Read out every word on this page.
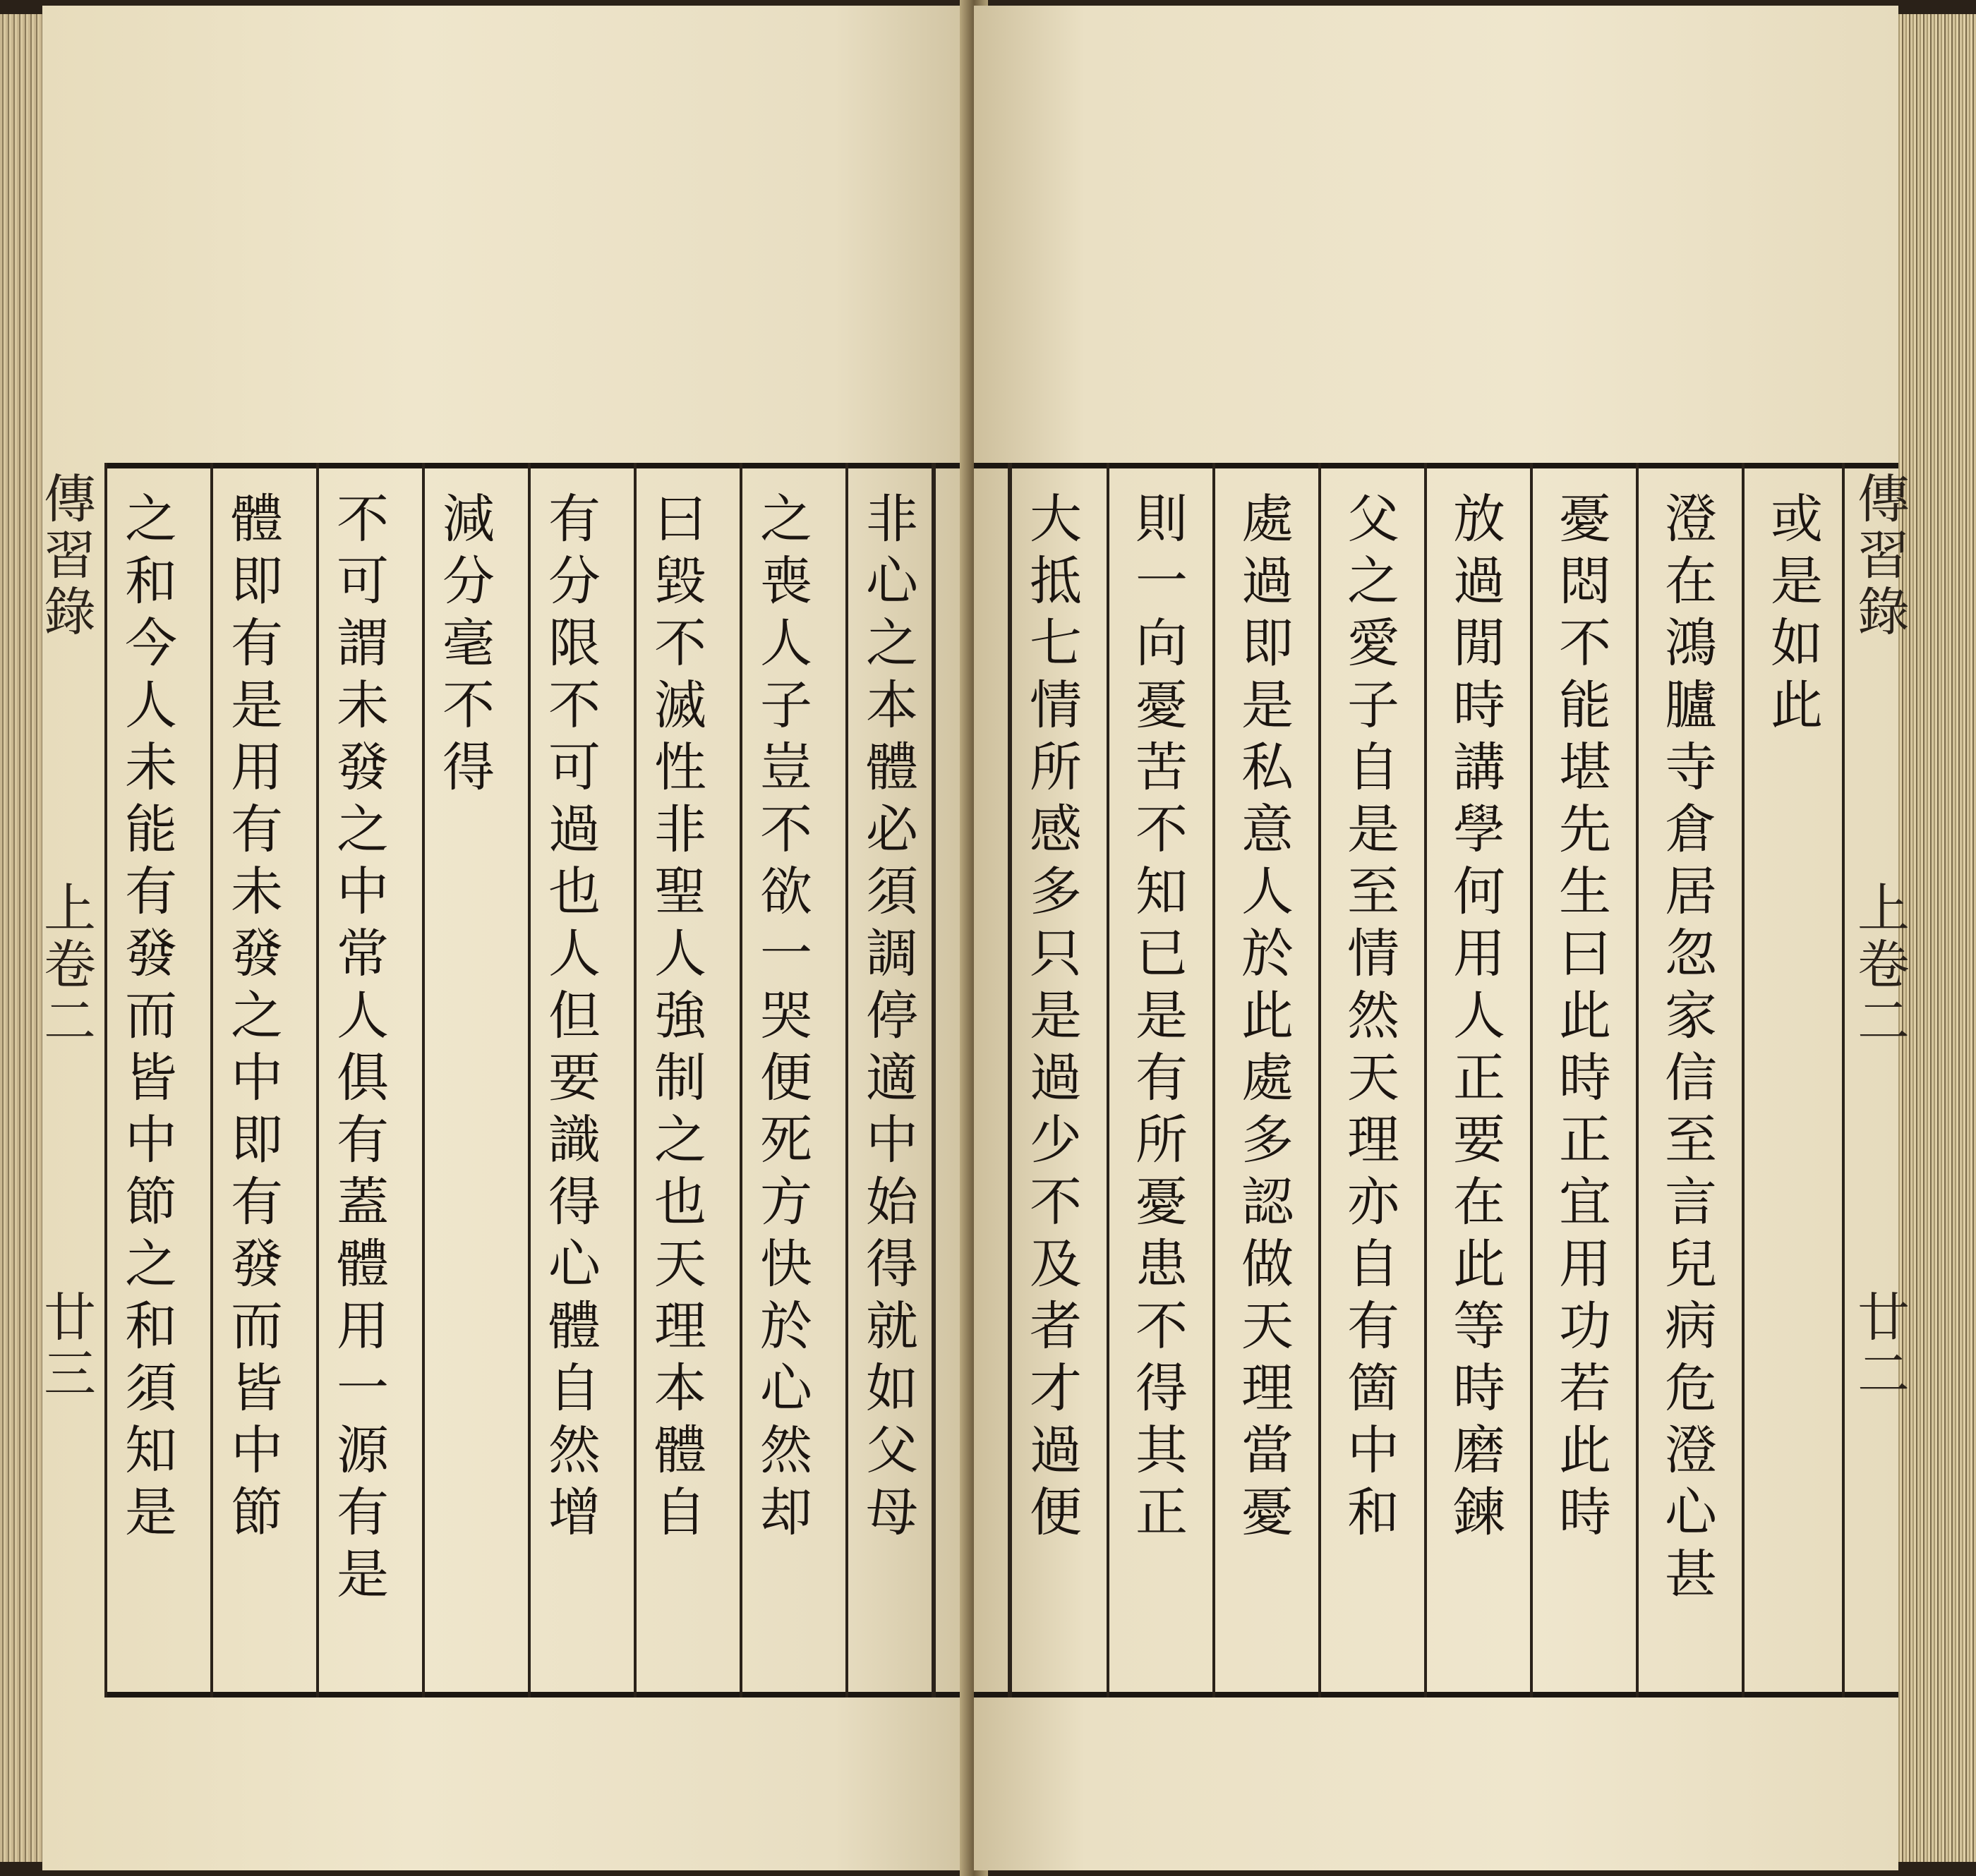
非心之本體必須調停適中始得就如父母
之喪人子豈不欲一哭便死方快於心然却
曰毀不滅性非聖人強制之也天理本體自
有分限不可過也人但要識得心體自然增
減分毫不得
不可謂未發之中常人俱有蓋體用一源有是
體即有是用有未發之中即有發而皆中節
之和今人未能有發而皆中節之和須知是
傳習錄
上卷二
廿三
或是如此
澄在鴻臚寺倉居忽家信至言兒病危澄心甚
憂悶不能堪先生曰此時正宜用功若此時
放過閒時講學何用人正要在此等時磨鍊
父之愛子自是至情然天理亦自有箇中和
處過即是私意人於此處多認做天理當憂
則一向憂苦不知已是有所憂患不得其正
大抵七情所感多只是過少不及者才過便	傳習錄
上卷二
廿二
